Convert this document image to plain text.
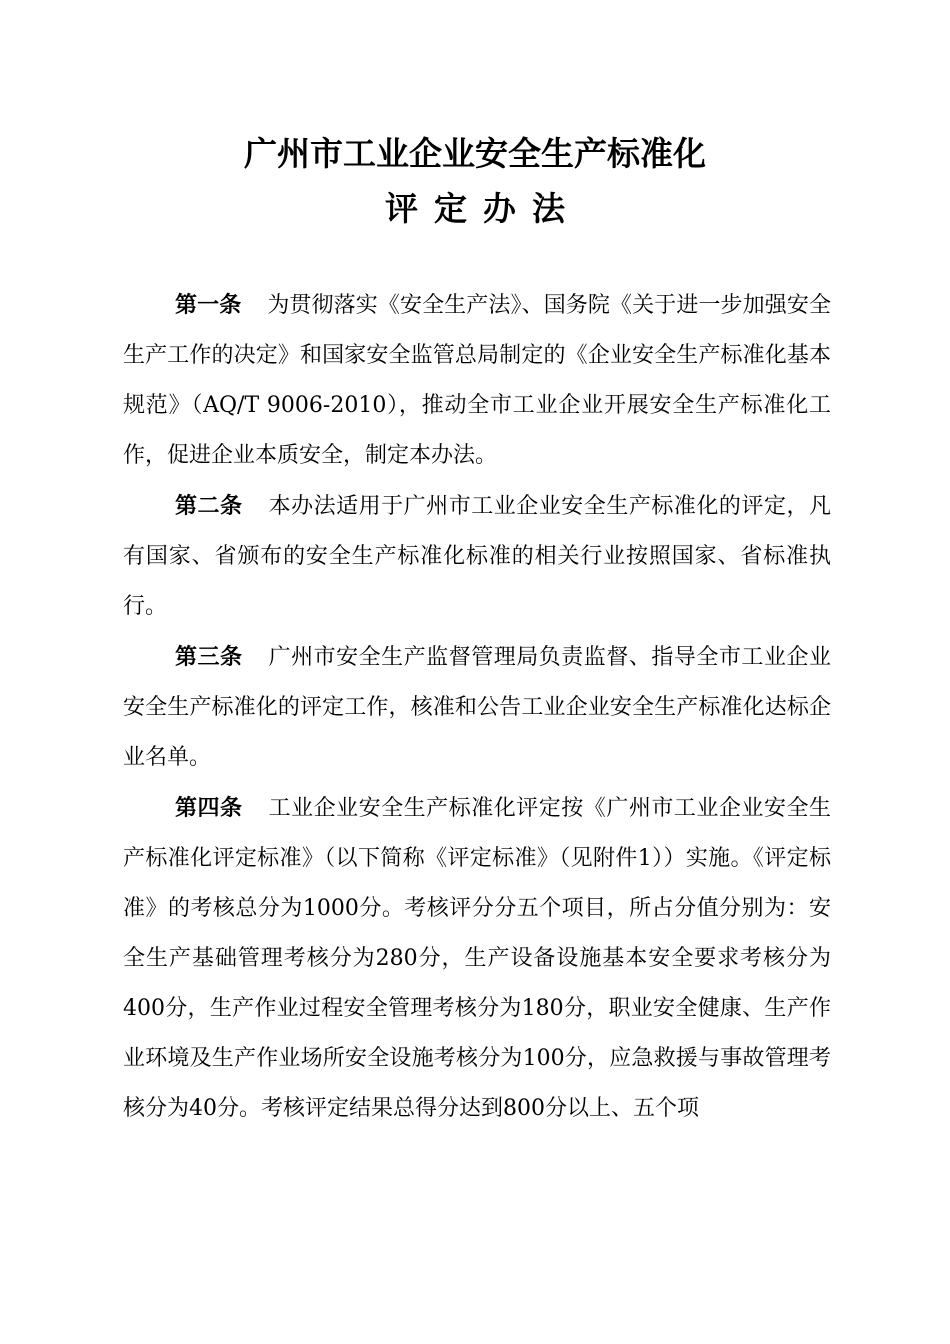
广州市工业企业安全生产标准化
评定办法

第一条 为贯彻落实《安全生产法》、国务院《关于进一步加强安全生产工作的决定》和国家安全监管总局制定的《企业安全生产标准化基本规范》（AQ/T 9006-2010），推动全市工业企业开展安全生产标准化工作，促进企业本质安全，制定本办法。

第二条 本办法适用于广州市工业企业安全生产标准化的评定，凡有国家、省颁布的安全生产标准化标准的相关行业按照国家、省标准执行。

第三条 广州市安全生产监督管理局负责监督、指导全市工业企业安全生产标准化的评定工作，核准和公告工业企业安全生产标准化达标企业名单。

第四条 工业企业安全生产标准化评定按《广州市工业企业安全生产标准化评定标准》（以下简称《评定标准》（见附件1））实施。《评定标准》的考核总分为1000分。考核评分分五个项目，所占分值分别为：安全生产基础管理考核分为280分，生产设备设施基本安全要求考核分为400分，生产作业过程安全管理考核分为180分，职业安全健康、生产作业环境及生产作业场所安全设施考核分为100分，应急救援与事故管理考核分为40分。考核评定结果总得分达到800分以上、五个项
